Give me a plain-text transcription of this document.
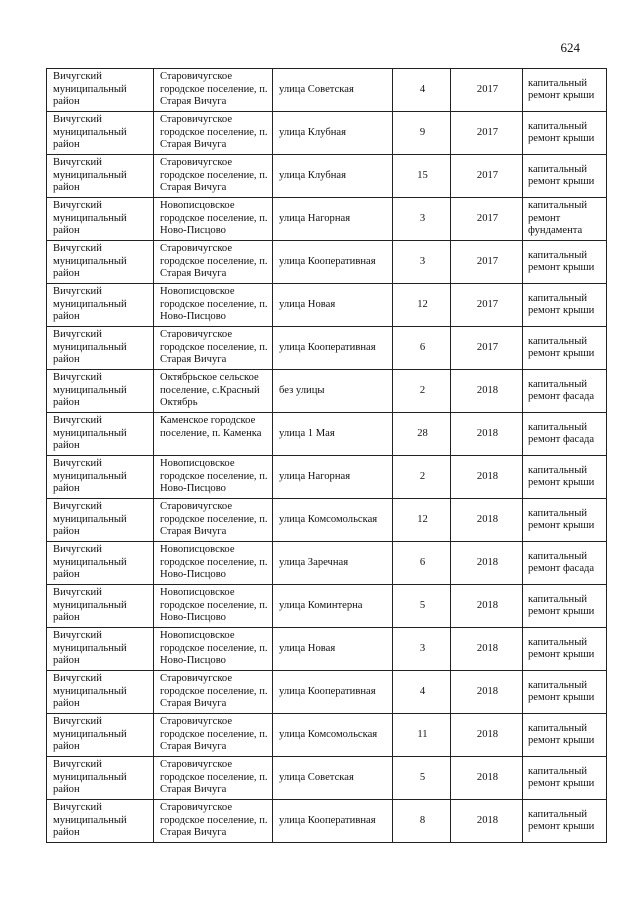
624
Вичугский муниципальный район	Старовичугское городское поселение, п. Старая Вичуга	улица Советская	4	2017	капитальный ремонт крыши
Вичугский муниципальный район	Старовичугское городское поселение, п. Старая Вичуга	улица Клубная	9	2017	капитальный ремонт крыши
Вичугский муниципальный район	Старовичугское городское поселение, п. Старая Вичуга	улица Клубная	15	2017	капитальный ремонт крыши
Вичугский муниципальный район	Новописцовское городское поселение, п. Ново-Писцово	улица Нагорная	3	2017	капитальный ремонт фундамента
Вичугский муниципальный район	Старовичугское городское поселение, п. Старая Вичуга	улица Кооперативная	3	2017	капитальный ремонт крыши
Вичугский муниципальный район	Новописцовское городское поселение, п. Ново-Писцово	улица Новая	12	2017	капитальный ремонт крыши
Вичугский муниципальный район	Старовичугское городское поселение, п. Старая Вичуга	улица Кооперативная	6	2017	капитальный ремонт крыши
Вичугский муниципальный район	Октябрьское сельское поселение, с.Красный Октябрь	без улицы	2	2018	капитальный ремонт фасада
Вичугский муниципальный район	Каменское городское поселение, п. Каменка	улица 1 Мая	28	2018	капитальный ремонт фасада
Вичугский муниципальный район	Новописцовское городское поселение, п. Ново-Писцово	улица Нагорная	2	2018	капитальный ремонт крыши
Вичугский муниципальный район	Старовичугское городское поселение, п. Старая Вичуга	улица Комсомольская	12	2018	капитальный ремонт крыши
Вичугский муниципальный район	Новописцовское городское поселение, п. Ново-Писцово	улица Заречная	6	2018	капитальный ремонт фасада
Вичугский муниципальный район	Новописцовское городское поселение, п. Ново-Писцово	улица Коминтерна	5	2018	капитальный ремонт крыши
Вичугский муниципальный район	Новописцовское городское поселение, п. Ново-Писцово	улица Новая	3	2018	капитальный ремонт крыши
Вичугский муниципальный район	Старовичугское городское поселение, п. Старая Вичуга	улица Кооперативная	4	2018	капитальный ремонт крыши
Вичугский муниципальный район	Старовичугское городское поселение, п. Старая Вичуга	улица Комсомольская	11	2018	капитальный ремонт крыши
Вичугский муниципальный район	Старовичугское городское поселение, п. Старая Вичуга	улица Советская	5	2018	капитальный ремонт крыши
Вичугский муниципальный район	Старовичугское городское поселение, п. Старая Вичуга	улица Кооперативная	8	2018	капитальный ремонт крыши
